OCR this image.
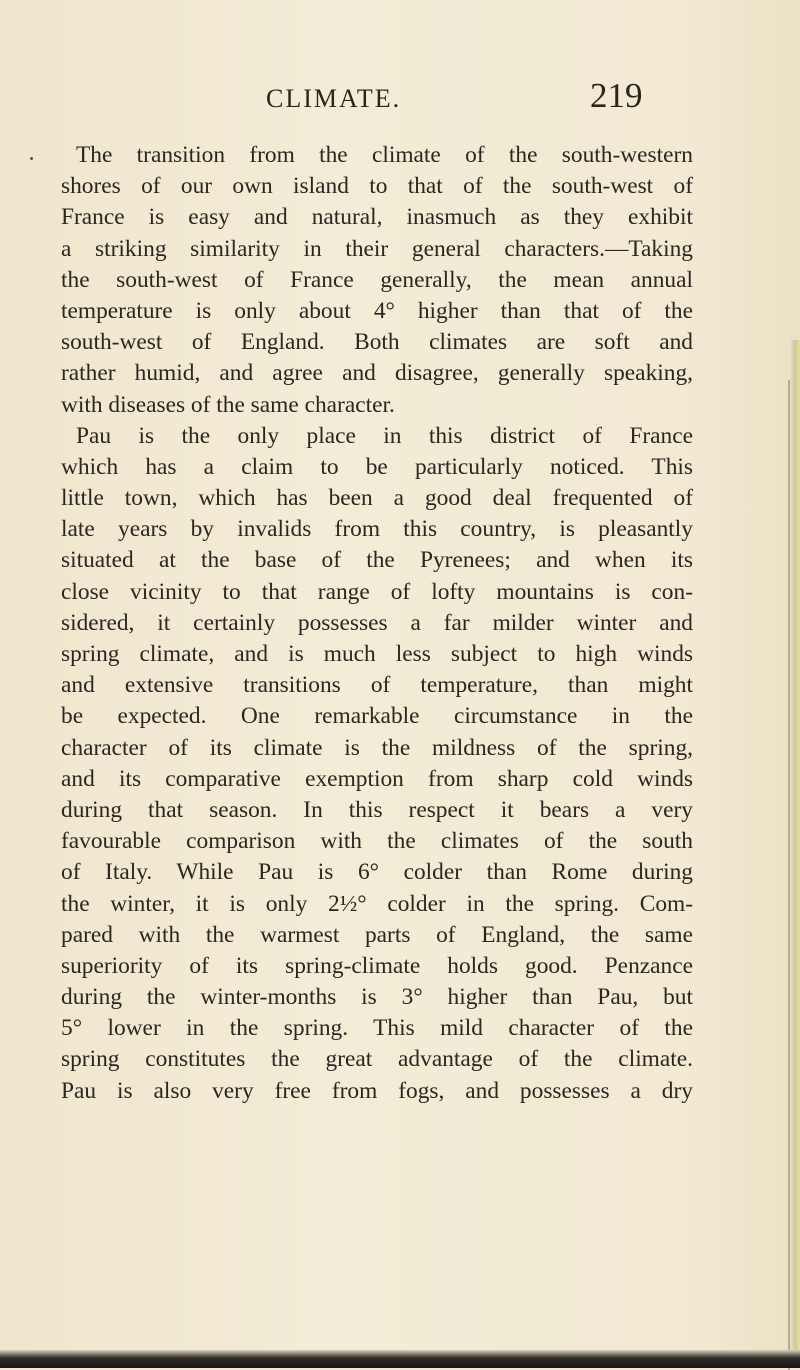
CLIMATE.	219
The transition from the climate of the south-western
shores of our own island to that of the south-west of
France is easy and natural, inasmuch as they exhibit
a striking similarity in their general characters.—Taking
the south-west of France generally, the mean annual
temperature is only about 4° higher than that of the
south-west of England. Both climates are soft and
rather humid, and agree and disagree, generally speaking,
with diseases of the same character.
Pau is the only place in this district of France
which has a claim to be particularly noticed. This
little town, which has been a good deal frequented of
late years by invalids from this country, is pleasantly
situated at the base of the Pyrenees; and when its
close vicinity to that range of lofty mountains is con-
sidered, it certainly possesses a far milder winter and
spring climate, and is much less subject to high winds
and extensive transitions of temperature, than might
be expected. One remarkable circumstance in the
character of its climate is the mildness of the spring,
and its comparative exemption from sharp cold winds
during that season. In this respect it bears a very
favourable comparison with the climates of the south
of Italy. While Pau is 6° colder than Rome during
the winter, it is only 2½° colder in the spring. Com-
pared with the warmest parts of England, the same
superiority of its spring-climate holds good. Penzance
during the winter-months is 3° higher than Pau, but
5° lower in the spring. This mild character of the
spring constitutes the great advantage of the climate.
Pau is also very free from fogs, and possesses a dry
